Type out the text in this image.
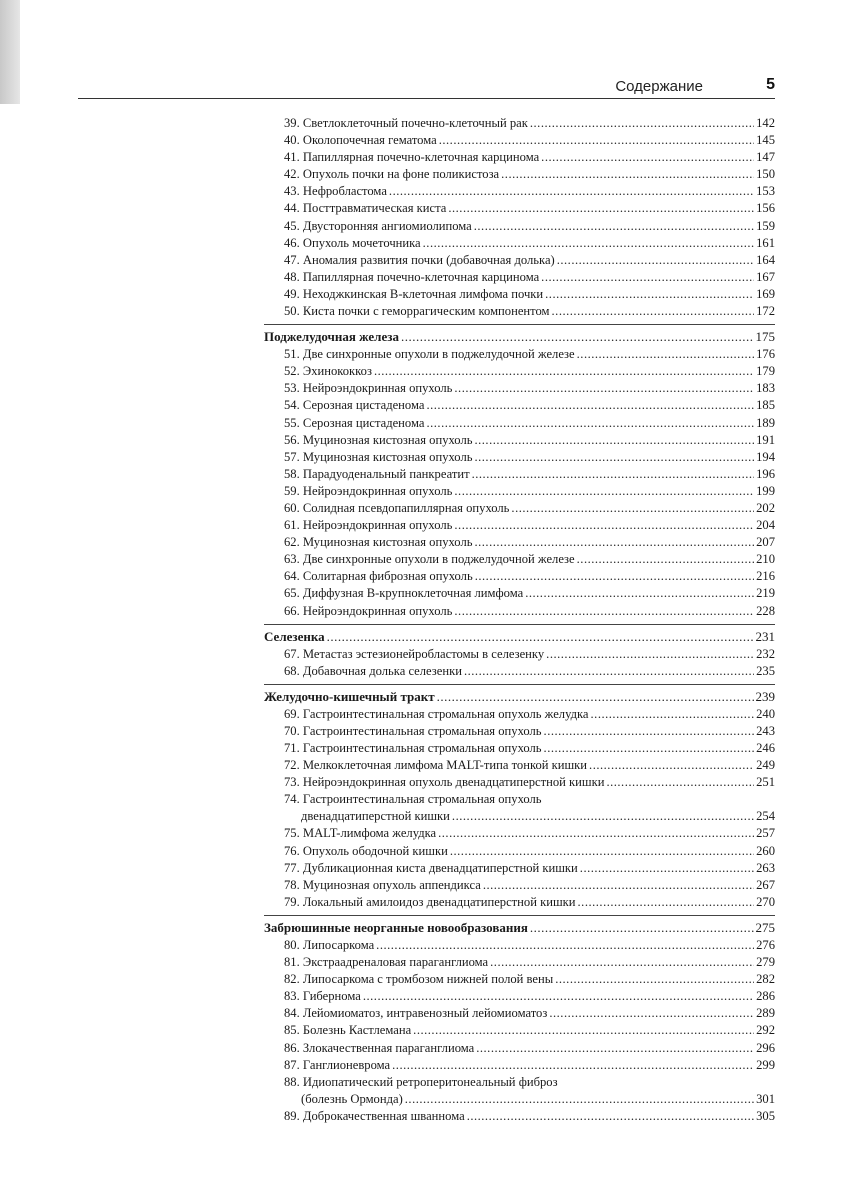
Содержание	5
39. Светлоклеточный почечно-клеточный рак .....	142
40. Околопочечная гематома .....	145
41. Папиллярная почечно-клеточная карцинома .....	147
42. Опухоль почки на фоне поликистоза .....	150
43. Нефробластома .....	153
44. Посттравматическая киста .....	156
45. Двусторонняя ангиомиолипома .....	159
46. Опухоль мочеточника .....	161
47. Аномалия развития почки (добавочная долька) .....	164
48. Папиллярная почечно-клеточная карцинома .....	167
49. Неходжкинская B-клеточная лимфома почки .....	169
50. Киста почки с геморрагическим компонентом .....	172
Поджелудочная железа .....	175
51. Две синхронные опухоли в поджелудочной железе .....	176
52. Эхинококкоз .....	179
53. Нейроэндокринная опухоль .....	183
54. Серозная цистаденома .....	185
55. Серозная цистаденома .....	189
56. Муцинозная кистозная опухоль .....	191
57. Муцинозная кистозная опухоль .....	194
58. Парадуоденальный панкреатит .....	196
59. Нейроэндокринная опухоль .....	199
60. Солидная псевдопапиллярная опухоль .....	202
61. Нейроэндокринная опухоль .....	204
62. Муцинозная кистозная опухоль .....	207
63. Две синхронные опухоли в поджелудочной железе .....	210
64. Солитарная фиброзная опухоль .....	216
65. Диффузная B-крупноклеточная лимфома .....	219
66. Нейроэндокринная опухоль .....	228
Селезенка .....	231
67. Метастаз эстезионейробластомы в селезенку .....	232
68. Добавочная долька селезенки .....	235
Желудочно-кишечный тракт .....	239
69. Гастроинтестинальная стромальная опухоль желудка .....	240
70. Гастроинтестинальная стромальная опухоль .....	243
71. Гастроинтестинальная стромальная опухоль .....	246
72. Мелкоклеточная лимфома MALT-типа тонкой кишки .....	249
73. Нейроэндокринная опухоль двенадцатиперстной кишки .....	251
74. Гастроинтестинальная стромальная опухоль
двенадцатиперстной кишки .....	254
75. MALT-лимфома желудка .....	257
76. Опухоль ободочной кишки .....	260
77. Дубликационная киста двенадцатиперстной кишки .....	263
78. Муцинозная опухоль аппендикса .....	267
79. Локальный амилоидоз двенадцатиперстной кишки .....	270
Забрюшинные неорганные новообразования .....	275
80. Липосаркома .....	276
81. Экстраадреналовая параганглиома .....	279
82. Липосаркома с тромбозом нижней полой вены .....	282
83. Гибернома .....	286
84. Лейомиоматоз, интравенозный лейомиоматоз .....	289
85. Болезнь Кастлемана .....	292
86. Злокачественная параганглиома .....	296
87. Ганглионеврома .....	299
88. Идиопатический ретроперитонеальный фиброз
(болезнь Ормонда) .....	301
89. Доброкачественная шваннома .....	305
